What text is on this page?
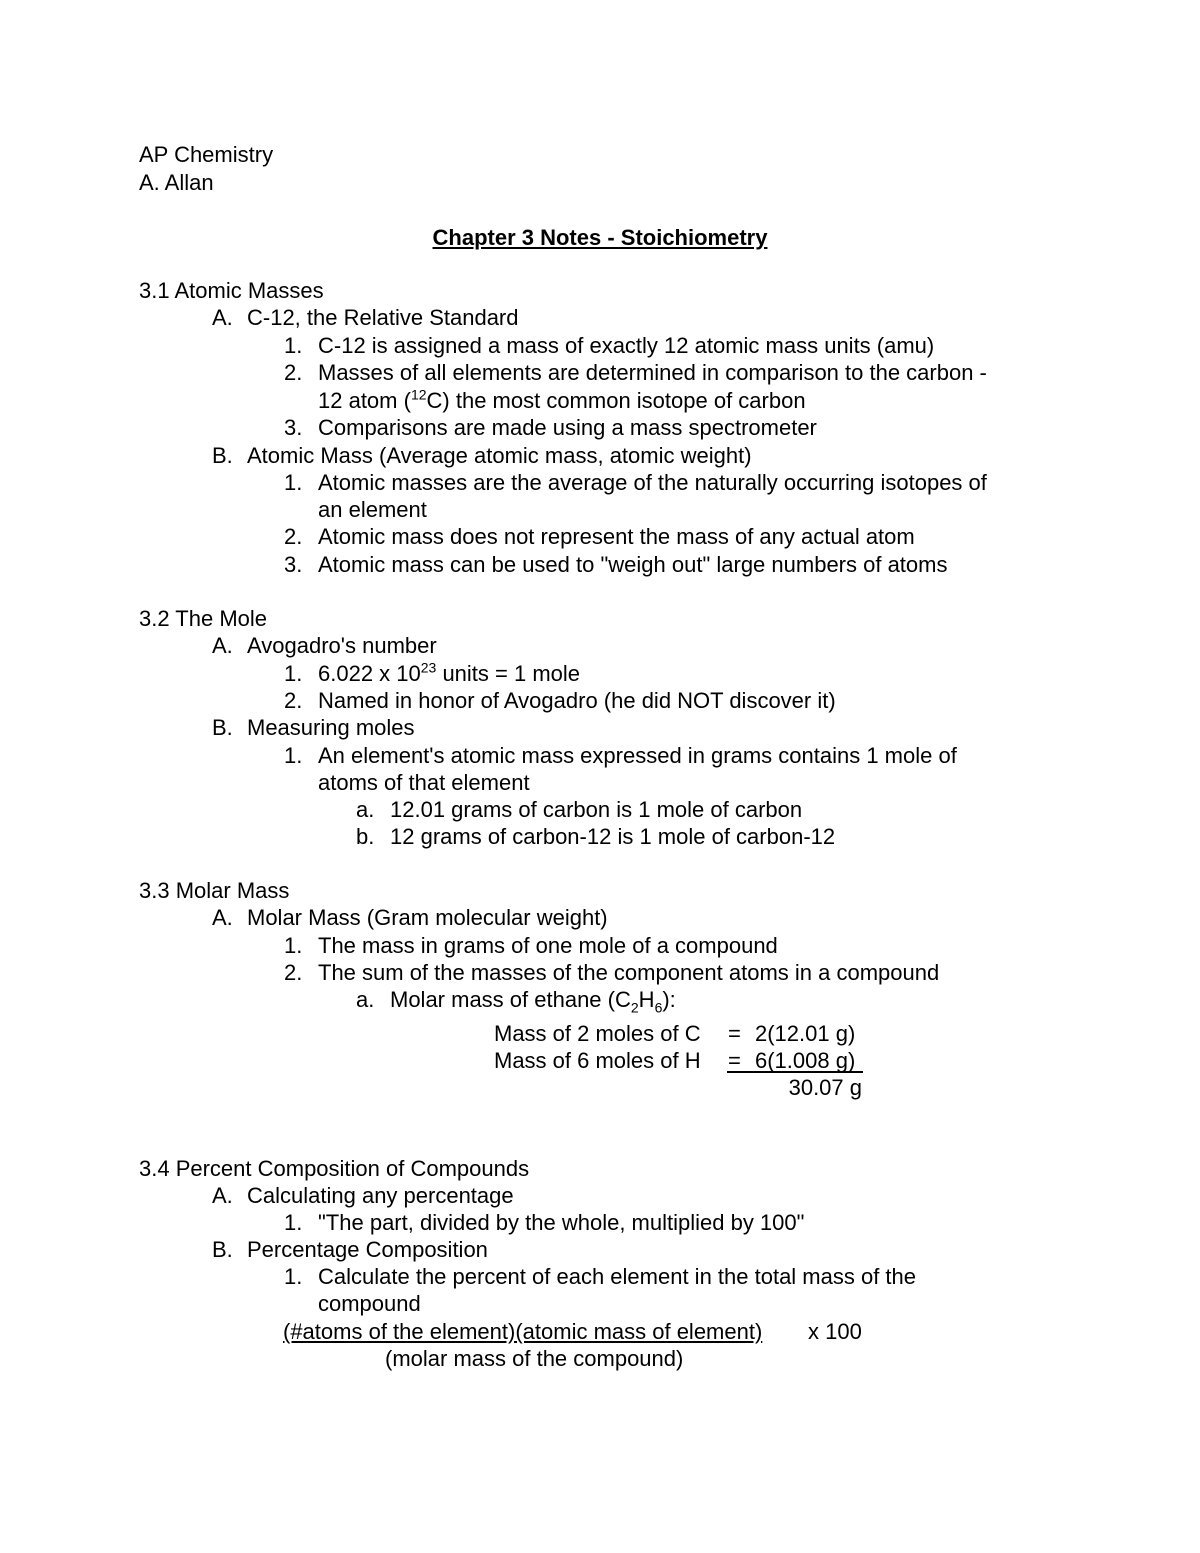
AP Chemistry
A. Allan
Chapter 3 Notes - Stoichiometry
3.1 Atomic Masses
A. C-12, the Relative Standard
1. C-12 is assigned a mass of exactly 12 atomic mass units (amu)
2. Masses of all elements are determined in comparison to the carbon -
12 atom ($^{12}$C) the most common isotope of carbon
3. Comparisons are made using a mass spectrometer
B. Atomic Mass (Average atomic mass, atomic weight)
1. Atomic masses are the average of the naturally occurring isotopes of
an element
2. Atomic mass does not represent the mass of any actual atom
3. Atomic mass can be used to "weigh out" large numbers of atoms
3.2 The Mole
A. Avogadro's number
1. 6.022 x $10^{23}$ units = 1 mole
2. Named in honor of Avogadro (he did NOT discover it)
B. Measuring moles
1. An element's atomic mass expressed in grams contains 1 mole of
atoms of that element
a. 12.01 grams of carbon is 1 mole of carbon
b. 12 grams of carbon-12 is 1 mole of carbon-12
3.3 Molar Mass
A. Molar Mass (Gram molecular weight)
1. The mass in grams of one mole of a compound
2. The sum of the masses of the component atoms in a compound
a. Molar mass of ethane $(C_2H_6)$:
Mass of 2 moles of C = 2(12.01 g)
Mass of 6 moles of H = 6(1.008 g)
30.07 g
3.4 Percent Composition of Compounds
A. Calculating any percentage
1. "The part, divided by the whole, multiplied by 100"
B. Percentage Composition
1. Calculate the percent of each element in the total mass of the
compound
(#atoms of the element)(atomic mass of element) x 100
(molar mass of the compound)
